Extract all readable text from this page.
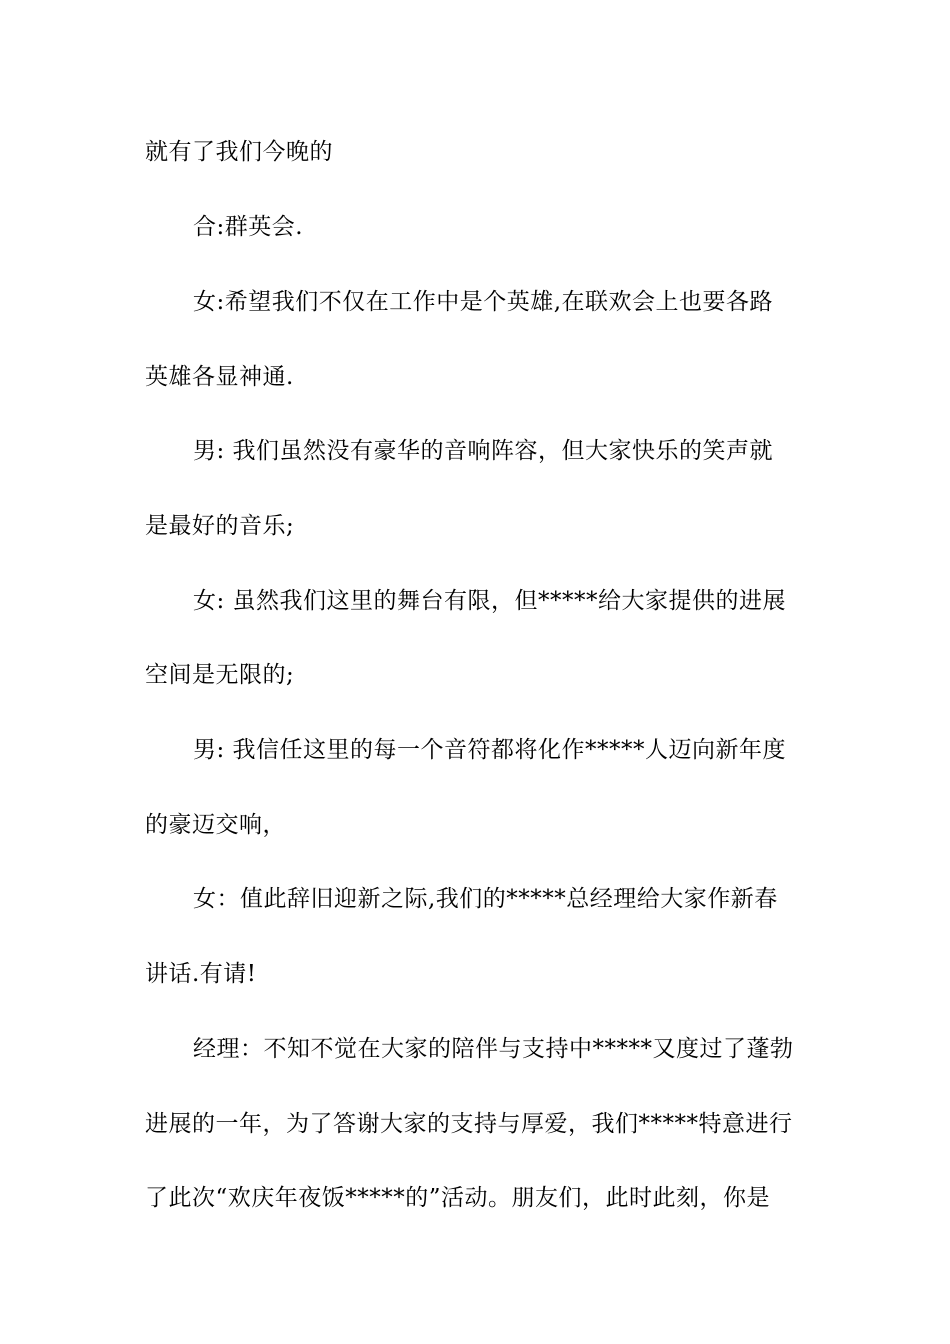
就有了我们今晚的
合:群英会.
女:希望我们不仅在工作中是个英雄,在联欢会上也要各路
英雄各显神通.
男: 我们虽然没有豪华的音响阵容，但大家快乐的笑声就
是最好的音乐;
女: 虽然我们这里的舞台有限，但*****给大家提供的进展
空间是无限的;
男: 我信任这里的每一个音符都将化作*****人迈向新年度
的豪迈交响，
女：值此辞旧迎新之际,我们的*****总经理给大家作新春
讲话.有请!
经理：不知不觉在大家的陪伴与支持中*****又度过了蓬勃
进展的一年，为了答谢大家的支持与厚爱，我们*****特意进行
了此次“欢庆年夜饭*****的”活动。朋友们，此时此刻，你是
